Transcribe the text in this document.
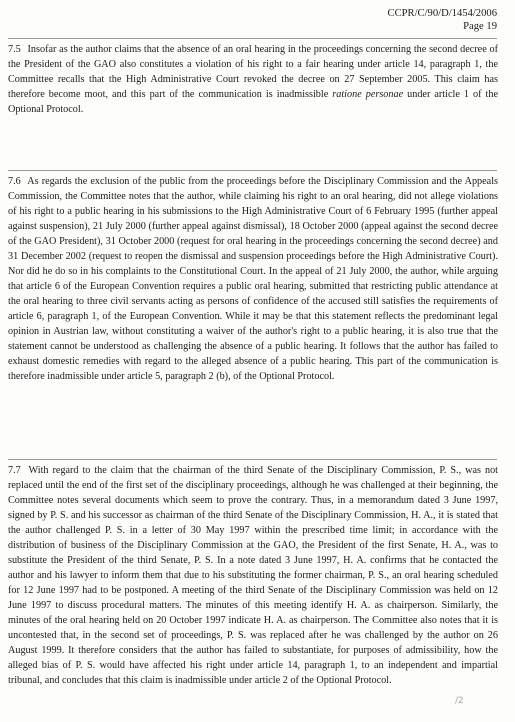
CCPR/C/90/D/1454/2006
Page 19

7.5 Insofar as the author claims that the absence of an oral hearing in the proceedings concerning the second decree of the President of the GAO also constitutes a violation of his right to a fair hearing under article 14, paragraph 1, the Committee recalls that the High Administrative Court revoked the decree on 27 September 2005. This claim has therefore become moot, and this part of the communication is inadmissible ratione personae under article 1 of the Optional Protocol.

7.6 As regards the exclusion of the public from the proceedings before the Disciplinary Commission and the Appeals Commission, the Committee notes that the author, while claiming his right to an oral hearing, did not allege violations of his right to a public hearing in his submissions to the High Administrative Court of 6 February 1995 (further appeal against suspension), 21 July 2000 (further appeal against dismissal), 18 October 2000 (appeal against the second decree of the GAO President), 31 October 2000 (request for oral hearing in the proceedings concerning the second decree) and 31 December 2002 (request to reopen the dismissal and suspension proceedings before the High Administrative Court). Nor did he do so in his complaints to the Constitutional Court. In the appeal of 21 July 2000, the author, while arguing that article 6 of the European Convention requires a public oral hearing, submitted that restricting public attendance at the oral hearing to three civil servants acting as persons of confidence of the accused still satisfies the requirements of article 6, paragraph 1, of the European Convention. While it may be that this statement reflects the predominant legal opinion in Austrian law, without constituting a waiver of the author's right to a public hearing, it is also true that the statement cannot be understood as challenging the absence of a public hearing. It follows that the author has failed to exhaust domestic remedies with regard to the alleged absence of a public hearing. This part of the communication is therefore inadmissible under article 5, paragraph 2 (b), of the Optional Protocol.

7.7 With regard to the claim that the chairman of the third Senate of the Disciplinary Commission, P. S., was not replaced until the end of the first set of the disciplinary proceedings, although he was challenged at their beginning, the Committee notes several documents which seem to prove the contrary. Thus, in a memorandum dated 3 June 1997, signed by P. S. and his successor as chairman of the third Senate of the Disciplinary Commission, H. A., it is stated that the author challenged P. S. in a letter of 30 May 1997 within the prescribed time limit; in accordance with the distribution of business of the Disciplinary Commission at the GAO, the President of the first Senate, H. A., was to substitute the President of the third Senate, P. S. In a note dated 3 June 1997, H. A. confirms that he contacted the author and his lawyer to inform them that due to his substituting the former chairman, P. S., an oral hearing scheduled for 12 June 1997 had to be postponed. A meeting of the third Senate of the Disciplinary Commission was held on 12 June 1997 to discuss procedural matters. The minutes of this meeting identify H. A. as chairperson. Similarly, the minutes of the oral hearing held on 20 October 1997 indicate H. A. as chairperson. The Committee also notes that it is uncontested that, in the second set of proceedings, P. S. was replaced after he was challenged by the author on 26 August 1999. It therefore considers that the author has failed to substantiate, for purposes of admissibility, how the alleged bias of P. S. would have affected his right under article 14, paragraph 1, to an independent and impartial tribunal, and concludes that this claim is inadmissible under article 2 of the Optional Protocol.

/2
